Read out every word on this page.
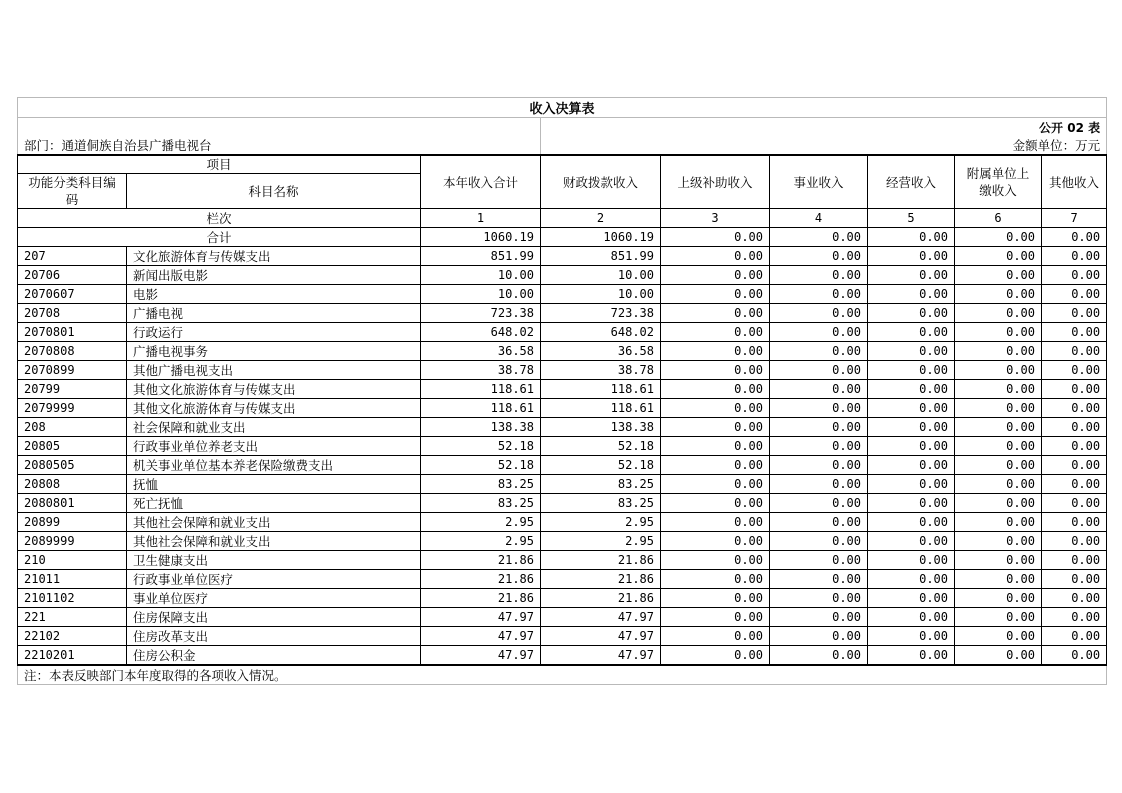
收入决算表								
			公开 02 表					
部门：通道侗族自治县广播电视台			金额单位：万元					
项目		本年收入合计	财政拨款收入	上级补助收入	事业收入	经营收入	附属单位上缴收入	其他收入
功能分类科目编码	科目名称							
栏次		1	2	3	4	5	6	7
合计		1060.19	1060.19	0.00	0.00	0.00	0.00	0.00
207	文化旅游体育与传媒支出	851.99	851.99	0.00	0.00	0.00	0.00	0.00
20706	新闻出版电影	10.00	10.00	0.00	0.00	0.00	0.00	0.00
2070607	电影	10.00	10.00	0.00	0.00	0.00	0.00	0.00
20708	广播电视	723.38	723.38	0.00	0.00	0.00	0.00	0.00
2070801	行政运行	648.02	648.02	0.00	0.00	0.00	0.00	0.00
2070808	广播电视事务	36.58	36.58	0.00	0.00	0.00	0.00	0.00
2070899	其他广播电视支出	38.78	38.78	0.00	0.00	0.00	0.00	0.00
20799	其他文化旅游体育与传媒支出	118.61	118.61	0.00	0.00	0.00	0.00	0.00
2079999	其他文化旅游体育与传媒支出	118.61	118.61	0.00	0.00	0.00	0.00	0.00
208	社会保障和就业支出	138.38	138.38	0.00	0.00	0.00	0.00	0.00
20805	行政事业单位养老支出	52.18	52.18	0.00	0.00	0.00	0.00	0.00
2080505	机关事业单位基本养老保险缴费支出	52.18	52.18	0.00	0.00	0.00	0.00	0.00
20808	抚恤	83.25	83.25	0.00	0.00	0.00	0.00	0.00
2080801	死亡抚恤	83.25	83.25	0.00	0.00	0.00	0.00	0.00
20899	其他社会保障和就业支出	2.95	2.95	0.00	0.00	0.00	0.00	0.00
2089999	其他社会保障和就业支出	2.95	2.95	0.00	0.00	0.00	0.00	0.00
210	卫生健康支出	21.86	21.86	0.00	0.00	0.00	0.00	0.00
21011	行政事业单位医疗	21.86	21.86	0.00	0.00	0.00	0.00	0.00
2101102	事业单位医疗	21.86	21.86	0.00	0.00	0.00	0.00	0.00
221	住房保障支出	47.97	47.97	0.00	0.00	0.00	0.00	0.00
22102	住房改革支出	47.97	47.97	0.00	0.00	0.00	0.00	0.00
2210201	住房公积金	47.97	47.97	0.00	0.00	0.00	0.00	0.00
注：本表反映部门本年度取得的各项收入情况。								
